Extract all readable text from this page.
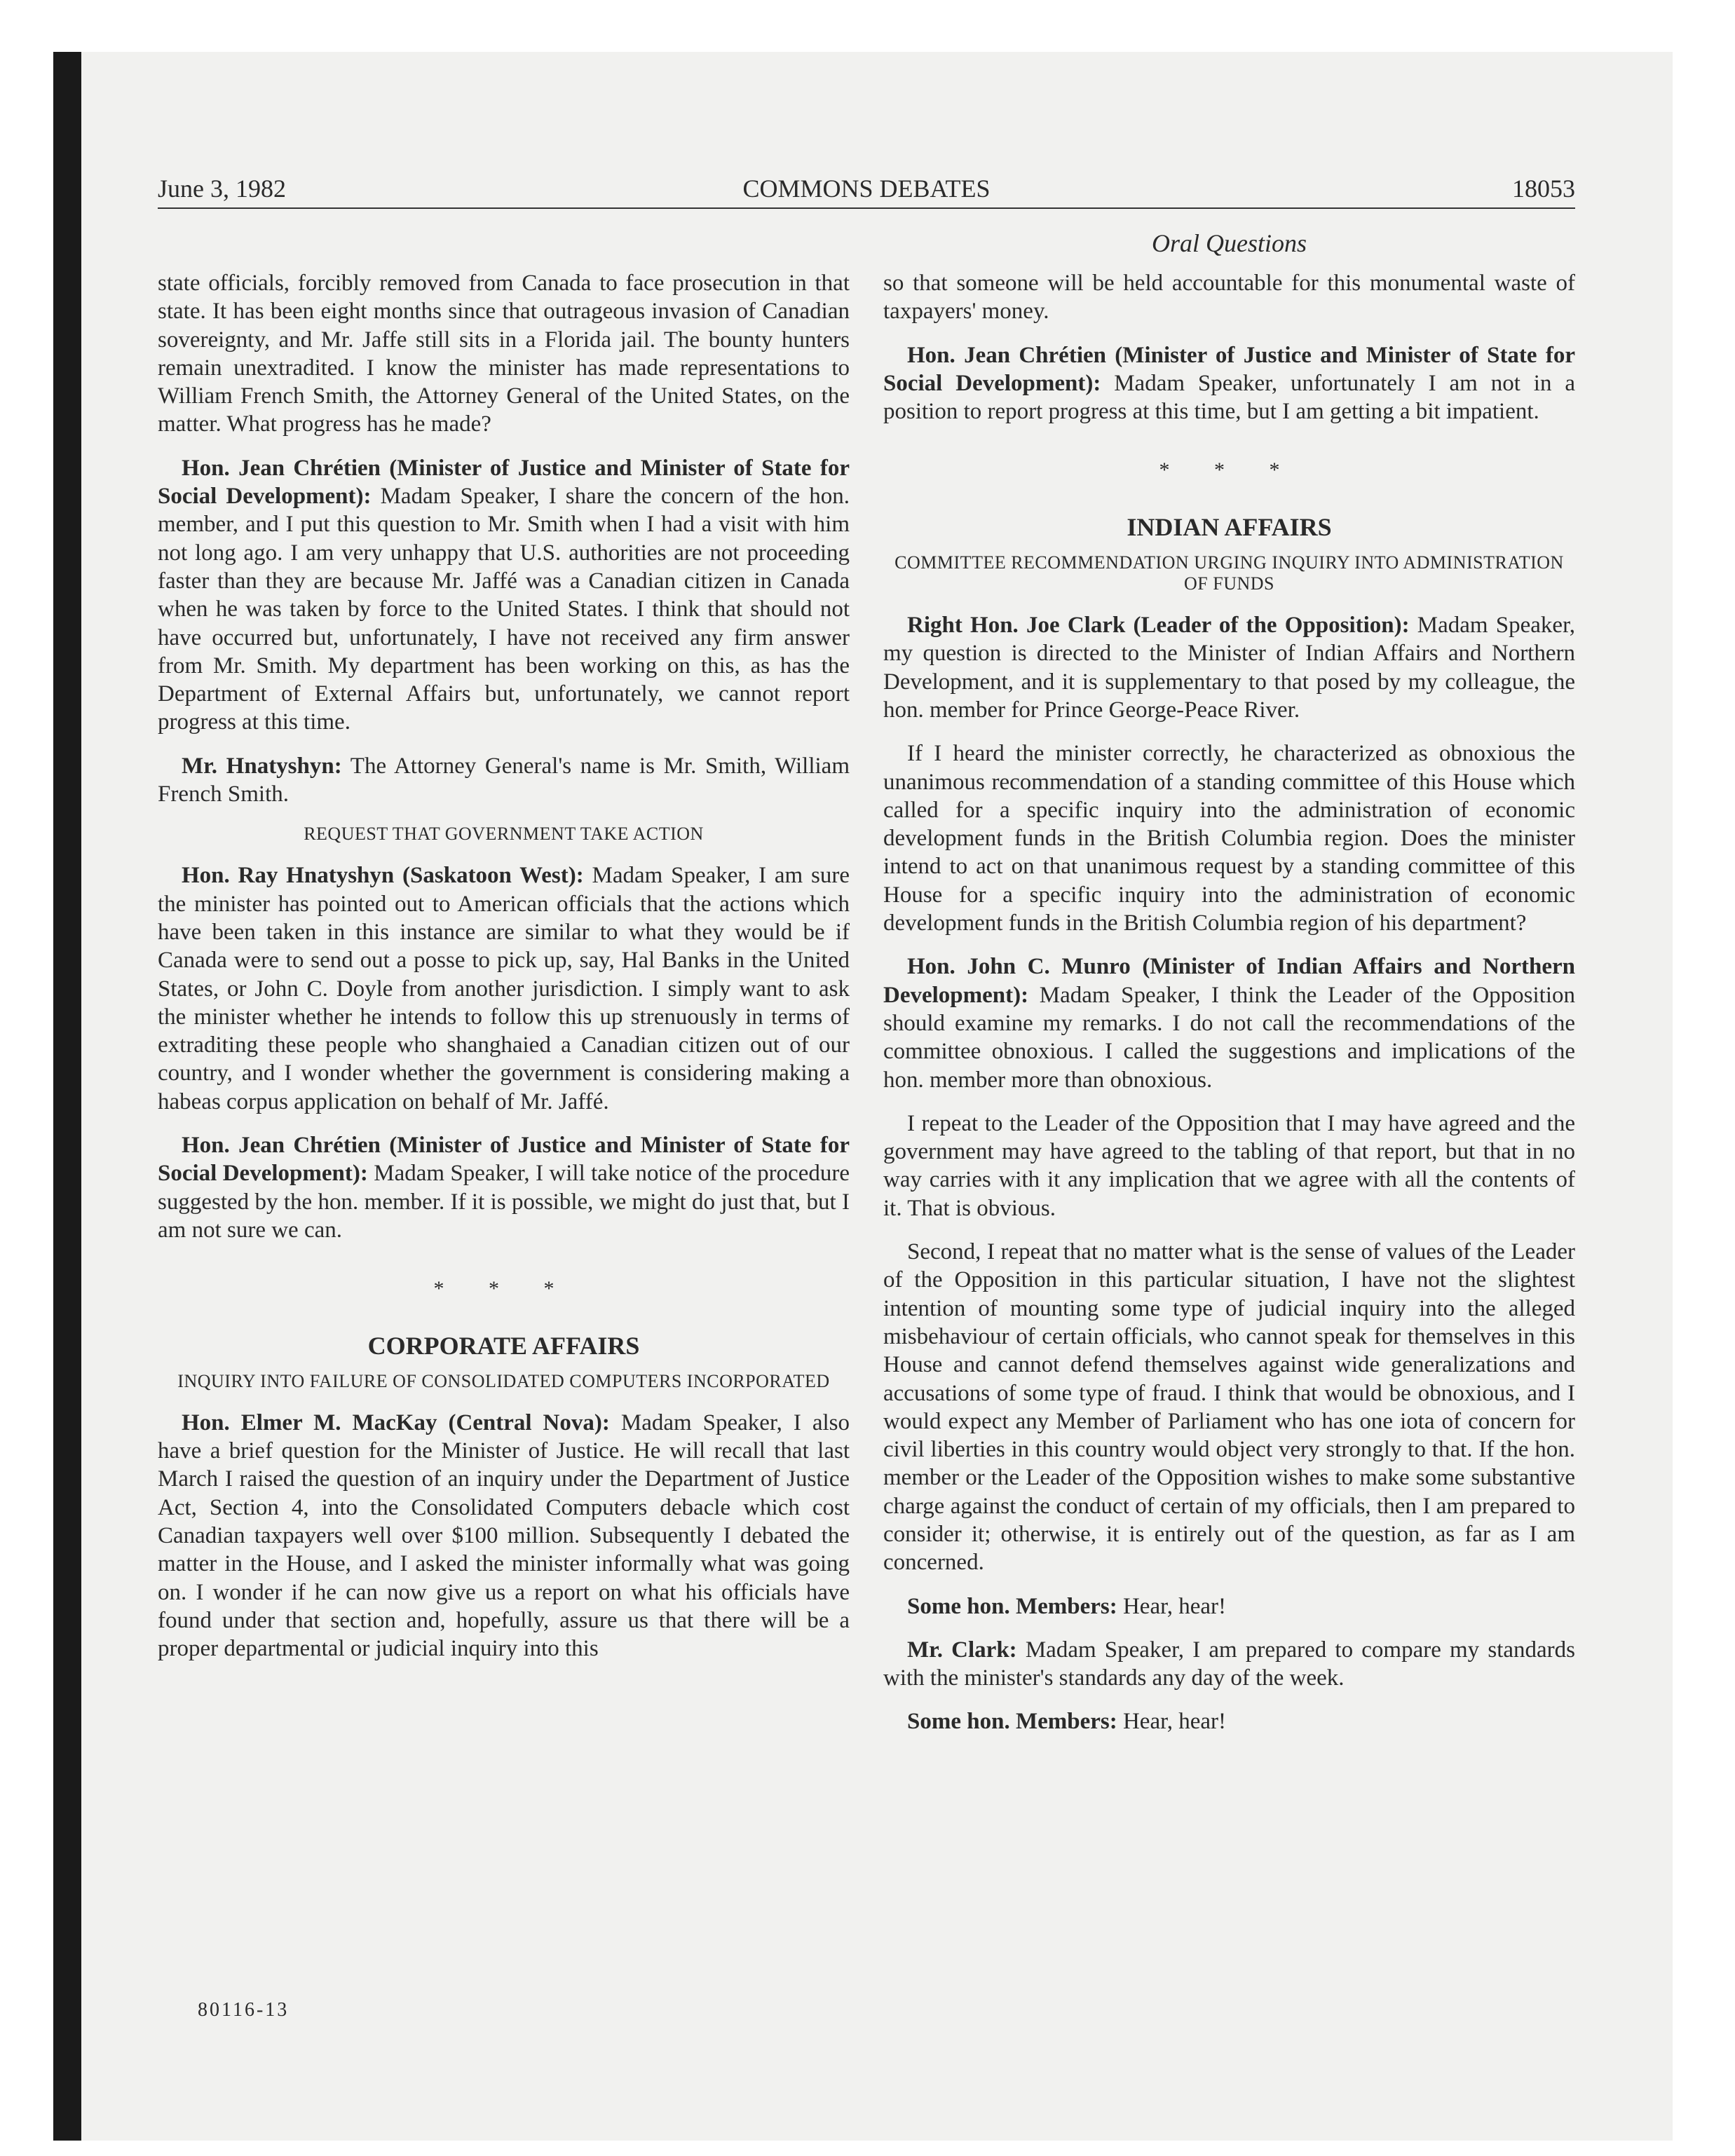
June 3, 1982	COMMONS DEBATES	18053
Oral Questions

state officials, forcibly removed from Canada to face prosecution in that state. It has been eight months since that outrageous invasion of Canadian sovereignty, and Mr. Jaffe still sits in a Florida jail. The bounty hunters remain unextradited. I know the minister has made representations to William French Smith, the Attorney General of the United States, on the matter. What progress has he made?

Hon. Jean Chrétien (Minister of Justice and Minister of State for Social Development): Madam Speaker, I share the concern of the hon. member, and I put this question to Mr. Smith when I had a visit with him not long ago. I am very unhappy that U.S. authorities are not proceeding faster than they are because Mr. Jaffé was a Canadian citizen in Canada when he was taken by force to the United States. I think that should not have occurred but, unfortunately, I have not received any firm answer from Mr. Smith. My department has been working on this, as has the Department of External Affairs but, unfortunately, we cannot report progress at this time.

Mr. Hnatyshyn: The Attorney General's name is Mr. Smith, William French Smith.

REQUEST THAT GOVERNMENT TAKE ACTION

Hon. Ray Hnatyshyn (Saskatoon West): Madam Speaker, I am sure the minister has pointed out to American officials that the actions which have been taken in this instance are similar to what they would be if Canada were to send out a posse to pick up, say, Hal Banks in the United States, or John C. Doyle from another jurisdiction. I simply want to ask the minister whether he intends to follow this up strenuously in terms of extraditing these people who shanghaied a Canadian citizen out of our country, and I wonder whether the government is considering making a habeas corpus application on behalf of Mr. Jaffé.

Hon. Jean Chrétien (Minister of Justice and Minister of State for Social Development): Madam Speaker, I will take notice of the procedure suggested by the hon. member. If it is possible, we might do just that, but I am not sure we can.

* * *
CORPORATE AFFAIRS
INQUIRY INTO FAILURE OF CONSOLIDATED COMPUTERS INCORPORATED

Hon. Elmer M. MacKay (Central Nova): Madam Speaker, I also have a brief question for the Minister of Justice. He will recall that last March I raised the question of an inquiry under the Department of Justice Act, Section 4, into the Consolidated Computers debacle which cost Canadian taxpayers well over $100 million. Subsequently I debated the matter in the House, and I asked the minister informally what was going on. I wonder if he can now give us a report on what his officials have found under that section and, hopefully, assure us that there will be a proper departmental or judicial inquiry into this

so that someone will be held accountable for this monumental waste of taxpayers' money.

Hon. Jean Chrétien (Minister of Justice and Minister of State for Social Development): Madam Speaker, unfortunately I am not in a position to report progress at this time, but I am getting a bit impatient.

* * *
INDIAN AFFAIRS
COMMITTEE RECOMMENDATION URGING INQUIRY INTO ADMINISTRATION OF FUNDS

Right Hon. Joe Clark (Leader of the Opposition): Madam Speaker, my question is directed to the Minister of Indian Affairs and Northern Development, and it is supplementary to that posed by my colleague, the hon. member for Prince George-Peace River.

If I heard the minister correctly, he characterized as obnoxious the unanimous recommendation of a standing committee of this House which called for a specific inquiry into the administration of economic development funds in the British Columbia region. Does the minister intend to act on that unanimous request by a standing committee of this House for a specific inquiry into the administration of economic development funds in the British Columbia region of his department?

Hon. John C. Munro (Minister of Indian Affairs and Northern Development): Madam Speaker, I think the Leader of the Opposition should examine my remarks. I do not call the recommendations of the committee obnoxious. I called the suggestions and implications of the hon. member more than obnoxious.

I repeat to the Leader of the Opposition that I may have agreed and the government may have agreed to the tabling of that report, but that in no way carries with it any implication that we agree with all the contents of it. That is obvious.

Second, I repeat that no matter what is the sense of values of the Leader of the Opposition in this particular situation, I have not the slightest intention of mounting some type of judicial inquiry into the alleged misbehaviour of certain officials, who cannot speak for themselves in this House and cannot defend themselves against wide generalizations and accusations of some type of fraud. I think that would be obnoxious, and I would expect any Member of Parliament who has one iota of concern for civil liberties in this country would object very strongly to that. If the hon. member or the Leader of the Opposition wishes to make some substantive charge against the conduct of certain of my officials, then I am prepared to consider it; otherwise, it is entirely out of the question, as far as I am concerned.

Some hon. Members: Hear, hear!

Mr. Clark: Madam Speaker, I am prepared to compare my standards with the minister's standards any day of the week.

Some hon. Members: Hear, hear!

80116-13
